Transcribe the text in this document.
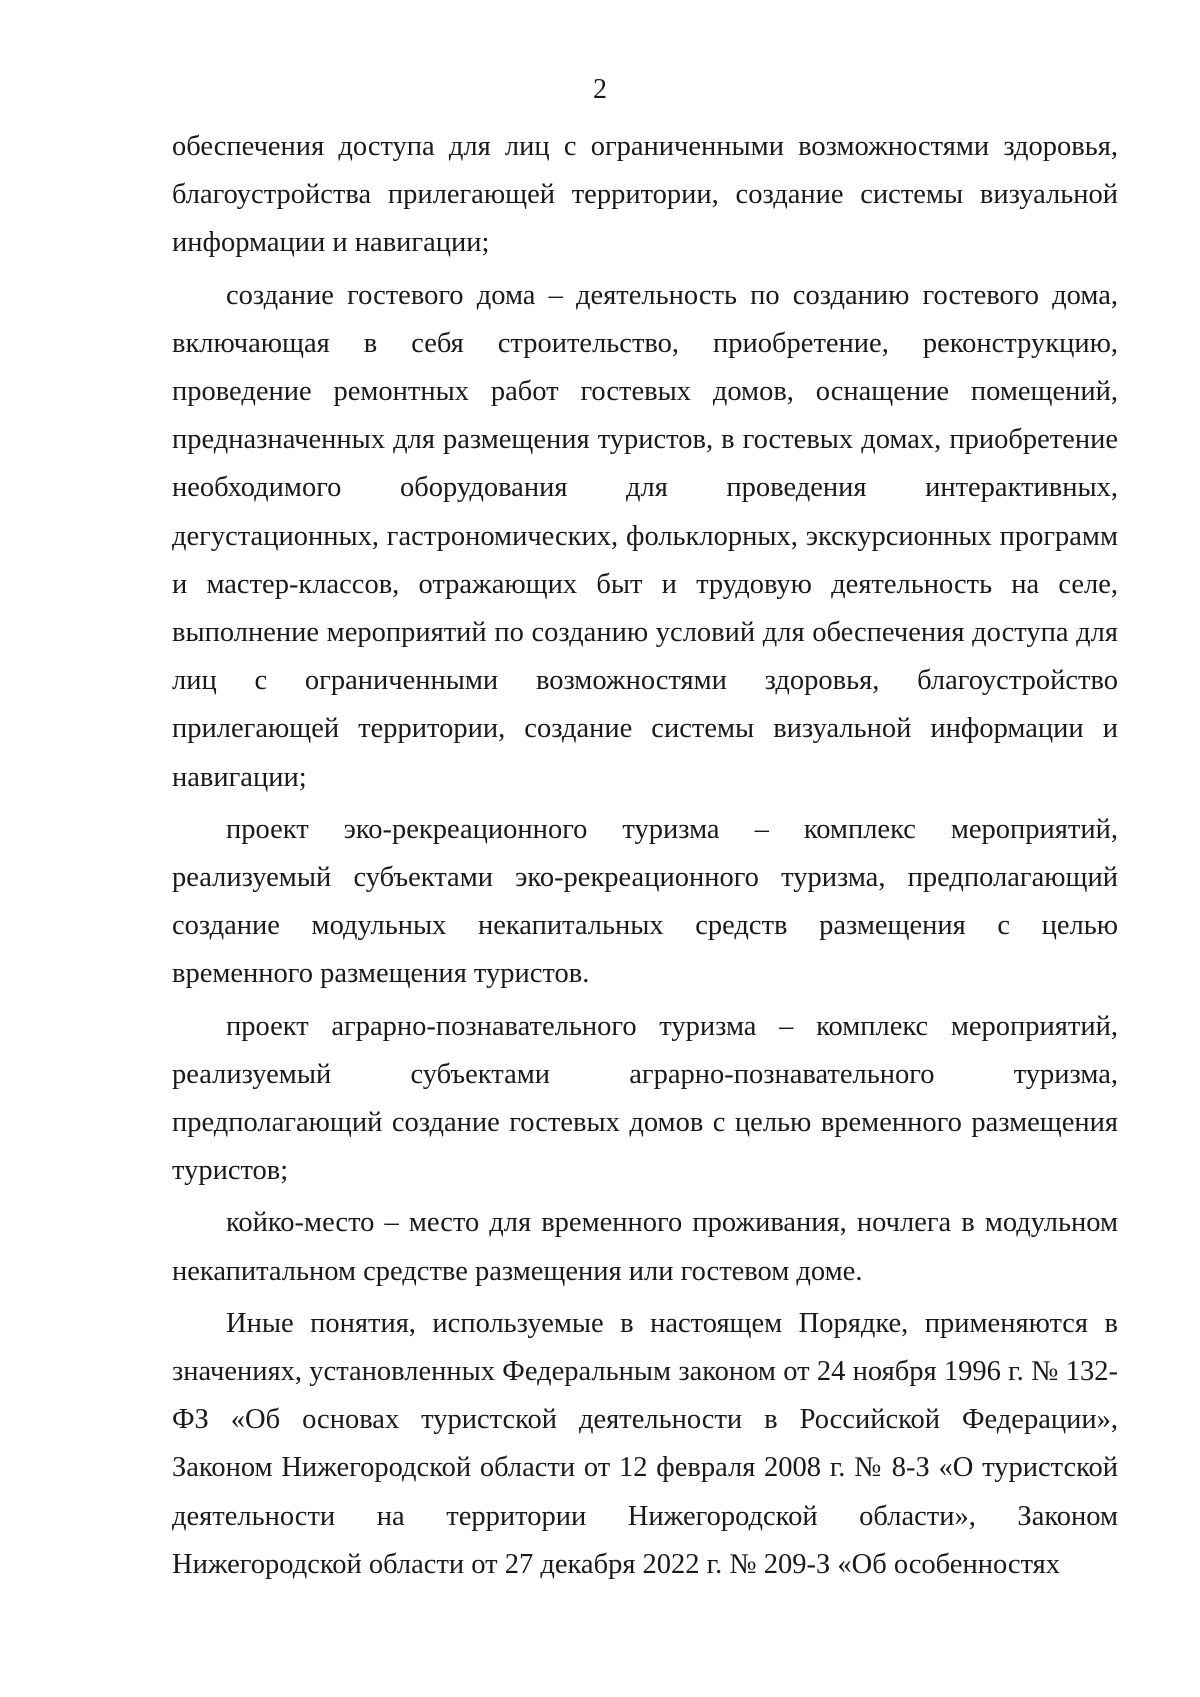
2

обеспечения доступа для лиц с ограниченными возможностями здоровья, благоустройства прилегающей территории, создание системы визуальной информации и навигации;

создание гостевого дома – деятельность по созданию гостевого дома, включающая в себя строительство, приобретение, реконструкцию, проведение ремонтных работ гостевых домов, оснащение помещений, предназначенных для размещения туристов, в гостевых домах, приобретение необходимого оборудования для проведения интерактивных, дегустационных, гастрономических, фольклорных, экскурсионных программ и мастер-классов, отражающих быт и трудовую деятельность на селе, выполнение мероприятий по созданию условий для обеспечения доступа для лиц с ограниченными возможностями здоровья, благоустройство прилегающей территории, создание системы визуальной информации и навигации;

проект эко-рекреационного туризма – комплекс мероприятий, реализуемый субъектами эко-рекреационного туризма, предполагающий создание модульных некапитальных средств размещения с целью временного размещения туристов.

проект аграрно-познавательного туризма – комплекс мероприятий, реализуемый субъектами аграрно-познавательного туризма, предполагающий создание гостевых домов с целью временного размещения туристов;

койко-место – место для временного проживания, ночлега в модульном некапитальном средстве размещения или гостевом доме.

Иные понятия, используемые в настоящем Порядке, применяются в значениях, установленных Федеральным законом от 24 ноября 1996 г. № 132-ФЗ «Об основах туристской деятельности в Российской Федерации», Законом Нижегородской области от 12 февраля 2008 г. № 8-З «О туристской деятельности на территории Нижегородской области», Законом Нижегородской области от 27 декабря 2022 г. № 209-З «Об особенностях
